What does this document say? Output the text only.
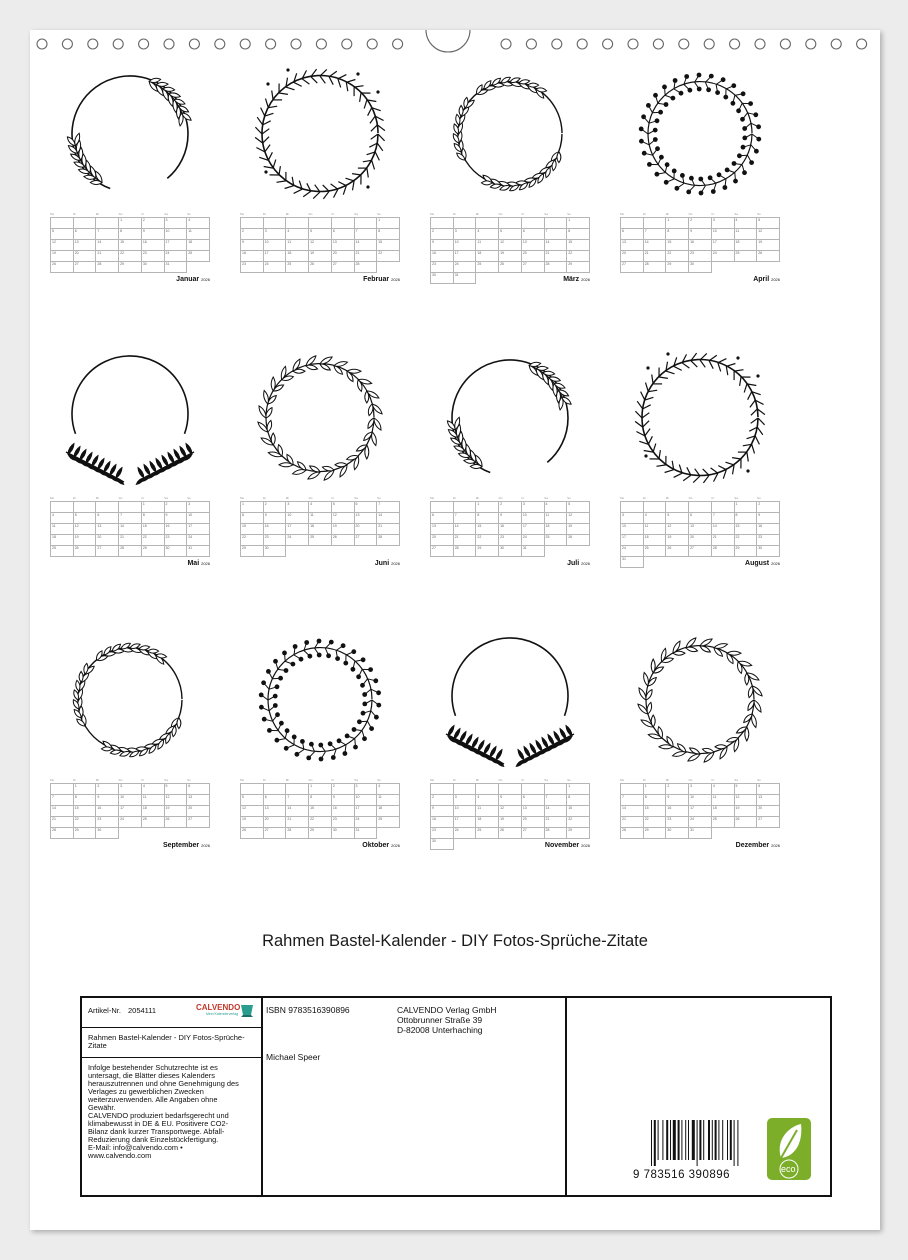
Mo	Di	Mi	Do	Fr	Sa	So
			1	2	3	4
5	6	7	8	9	10	11
12	13	14	15	16	17	18
19	20	21	22	23	24	25
26	27	28	29	30	31	
Januar 2026
Mo	Di	Mi	Do	Fr	Sa	So
						1
2	3	4	5	6	7	8
9	10	11	12	13	14	15
16	17	18	19	20	21	22
23	24	25	26	27	28	
Februar 2026
Mo	Di	Mi	Do	Fr	Sa	So
						1
2	3	4	5	6	7	8
9	10	11	12	13	14	15
16	17	18	19	20	21	22
23	24	25	26	27	28	29
30	31					
März 2026
Mo	Di	Mi	Do	Fr	Sa	So
		1	2	3	4	5
6	7	8	9	10	11	12
13	14	15	16	17	18	19
20	21	22	23	24	25	26
27	28	29	30			
April 2026
Mo	Di	Mi	Do	Fr	Sa	So
				1	2	3
4	5	6	7	8	9	10
11	12	13	14	15	16	17
18	19	20	21	22	23	24
25	26	27	28	29	30	31
Mai 2026
Mo	Di	Mi	Do	Fr	Sa	So
1	2	3	4	5	6	7
8	9	10	11	12	13	14
15	16	17	18	19	20	21
22	23	24	25	26	27	28
29	30					
Juni 2026
Mo	Di	Mi	Do	Fr	Sa	So
		1	2	3	4	5
6	7	8	9	10	11	12
13	14	15	16	17	18	19
20	21	22	23	24	25	26
27	28	29	30	31		
Juli 2026
Mo	Di	Mi	Do	Fr	Sa	So
					1	2
3	4	5	6	7	8	9
10	11	12	13	14	15	16
17	18	19	20	21	22	23
24	25	26	27	28	29	30
31						
August 2026
Mo	Di	Mi	Do	Fr	Sa	So
	1	2	3	4	5	6
7	8	9	10	11	12	13
14	15	16	17	18	19	20
21	22	23	24	25	26	27
28	29	30				
September 2026
Mo	Di	Mi	Do	Fr	Sa	So
			1	2	3	4
5	6	7	8	9	10	11
12	13	14	15	16	17	18
19	20	21	22	23	24	25
26	27	28	29	30	31	
Oktober 2026
Mo	Di	Mi	Do	Fr	Sa	So
						1
2	3	4	5	6	7	8
9	10	11	12	13	14	15
16	17	18	19	20	21	22
23	24	25	26	27	28	29
30						
November 2026
Mo	Di	Mi	Do	Fr	Sa	So
	1	2	3	4	5	6
7	8	9	10	11	12	13
14	15	16	17	18	19	20
21	22	23	24	25	26	27
28	29	30	31			
Dezember 2026
Rahmen Bastel-Kalender - DIY Fotos-Sprüche-Zitate
Artikel-Nr. 2054111	CALVENDO
Mein Kalenderverlag
Rahmen Bastel-Kalender - DIY Fotos-Sprüche-Zitate

Infolge bestehender Schutzrechte ist es

untersagt, die Blätter dieses Kalenders

herauszutrennen und ohne Genehmigung des

Verlages zu gewerblichen Zwecken

weiterzuverwenden. Alle Angaben ohne

Gewähr.

CALVENDO produziert bedarfsgerecht und

klimabewusst in DE & EU. Positivere CO2-

Bilanz dank kurzer Transportwege. Abfall-

Reduzierung dank Einzelstückfertigung.

E-Mail: info@calvendo.com •

www.calvendo.com

ISBN 9783516390896
Michael Speer
CALVENDO Verlag GmbH
Ottobrunner Straße 39
D-82008 Unterhaching
9 783516 390896	eco
